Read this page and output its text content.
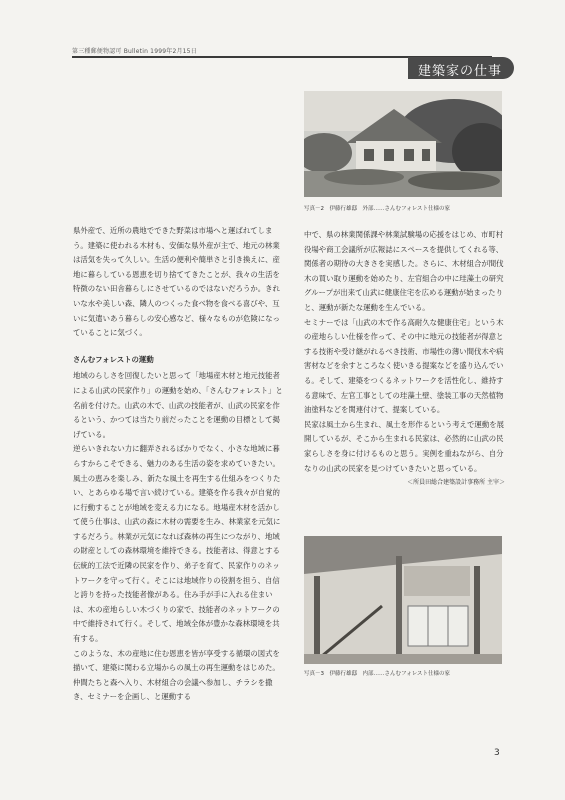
第三種郵便物認可 Bulletin 1999年2月15日
建築家の仕事
写真－2　伊藤行雄邸　外部……さんむフォレスト仕様の家
写真－3　伊藤行雄邸　内部……さんむフォレスト仕様の家

県外産で、近所の農地でできた野菜は市場へと運ばれてしまう。建築に使われる木材も、安価な県外産が主で、地元の林業は活気を失って久しい。生活の便利や簡単さと引き換えに、産地に暮らしている恩恵を切り捨ててきたことが、我々の生活を特徴のない田舎暮らしにさせているのではないだろうか。きれいな水や美しい森、隣人のつくった食べ物を食べる喜びや、互いに気遣いあう暮らしの安心感など、様々なものが危険になっていることに気づく。

さんむフォレストの運動

地域のらしさを回復したいと思って「地場産木材と地元技能者による山武の民家作り」の運動を始め、「さんむフォレスト」と名前を付けた。山武の木で、山武の技能者が、山武の民家を作るという、かつては当たり前だったことを運動の目標として掲げている。

逆らいきれない力に翻弄されるばかりでなく、小さな地域に暮らすからこそできる、魅力のある生活の姿を求めていきたい。風土の恵みを楽しみ、新たな風土を再生する仕組みをつくりたい、とあらゆる場で言い続けている。建築を作る我々が自覚的に行動することが地域を変える力になる。地場産木材を活かして使う仕事は、山武の森に木材の需要を生み、林業家を元気にするだろう。林業が元気になれば森林の再生につながり、地域の財産としての森林環境を維持できる。技能者は、得意とする伝統的工法で近隣の民家を作り、弟子を育て、民家作りのネットワークを守って行く。そこには地域作りの役割を担う、自信と誇りを持った技能者像がある。住み手が手に入れる住まいは、木の産地らしい木づくりの家で、技能者のネットワークの中で維持されて行く。そして、地域全体が豊かな森林環境を共有する。

このような、木の産地に住む恩恵を皆が享受する循環の図式を描いて、建築に関わる立場からの風土の再生運動をはじめた。仲間たちと森へ入り、木材組合の会議へ参加し、チラシを撒き、セミナーを企画し、と運動する

中で、県の林業関係課や林業試験場の応援をはじめ、市町村役場や商工会議所が広報誌にスペースを提供してくれる等、関係者の期待の大きさを実感した。さらに、木材組合が間伐木の買い取り運動を始めたり、左官組合の中に珪藻土の研究グループが出来て山武に健康住宅を広める運動が始まったりと、運動が新たな運動を生んでいる。

セミナーでは「山武の木で作る高耐久な健康住宅」という木の産地らしい仕様を作って、その中に地元の技能者が得意とする技術や受け継がれるべき技術、市場性の薄い間伐木や病害材などを余すところなく使いきる提案などを盛り込んでいる。そして、建築をつくるネットワークを活性化し、維持する意味で、左官工事としての珪藻土壁、塗装工事の天然植物油塗料などを関連付けて、提案している。

民家は風土から生まれ、風土を形作るという考えで運動を展開しているが、そこから生まれる民家は、必然的に山武の民家らしさを身に付けるものと思う。実例を重ねながら、自分なりの山武の民家を見つけていきたいと思っている。

＜所員田総合建築設計事務所 主宰＞

3
